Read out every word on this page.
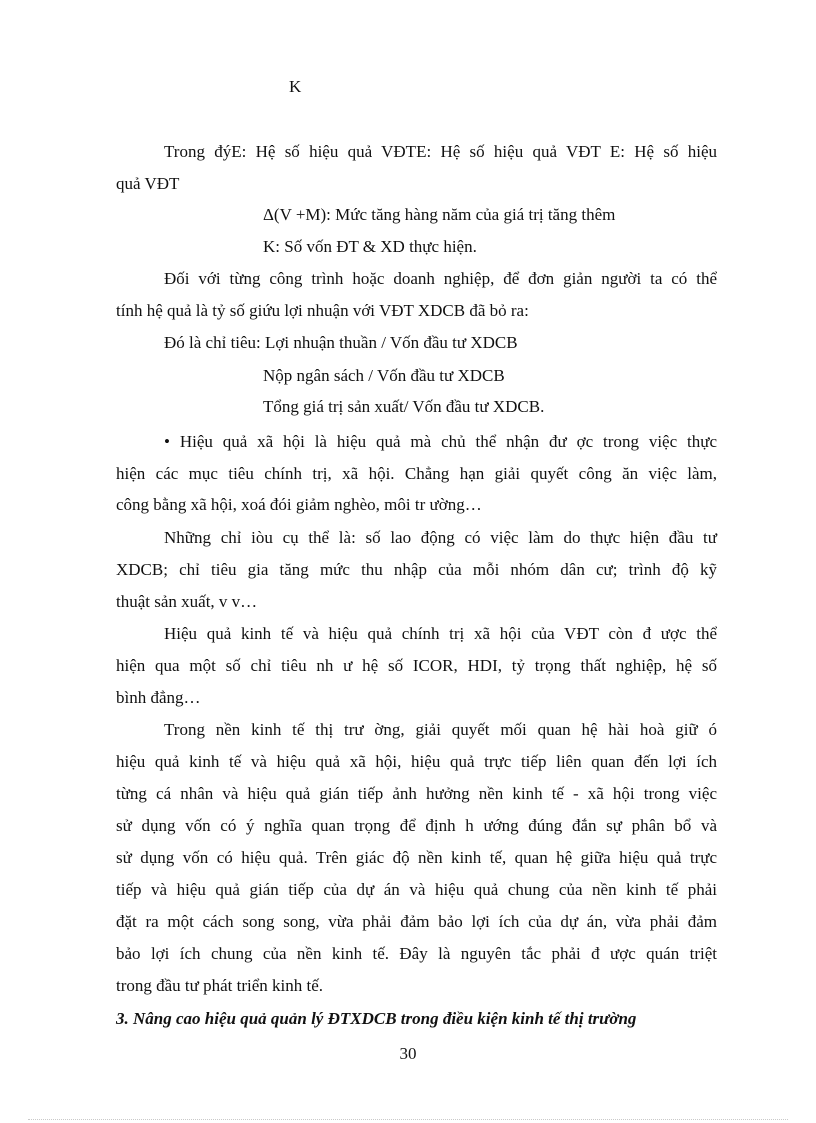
K
Trong đýE: Hệ số hiệu quả VĐTE: Hệ số hiệu quả VĐT E: Hệ số hiệu
quả VĐT
Δ(V +M): Mức tăng hàng năm của giá trị tăng thêm
K: Số vốn ĐT & XD thực hiện.
Đối với từng công trình hoặc doanh nghiệp, để đơn giản người ta có thể
tính hệ quả là tỷ số giứu lợi nhuận với VĐT XDCB đã bỏ ra:
Đó là chỉ tiêu: Lợi nhuận thuần / Vốn đầu tư XDCB
Nộp ngân sách / Vốn đầu tư XDCB
Tổng giá trị sản xuất/ Vốn đầu tư XDCB.
• Hiệu quả xã hội là hiệu quả mà chủ thể nhận đư ợc trong việc thực
hiện các mục tiêu chính trị, xã hội. Chẳng hạn giải quyết công ăn việc làm,
công bằng xã hội, xoá đói giảm nghèo, môi tr ường…
Những chỉ iòu cụ thể là: số lao động có việc làm do thực hiện đầu tư
XDCB; chỉ tiêu gia tăng mức thu nhập của mỗi nhóm dân cư; trình độ kỹ
thuật sản xuất, v v…
Hiệu quả kinh tế và hiệu quả chính trị xã hội của VĐT còn đ ược thể
hiện qua một số chỉ tiêu nh ư hệ số ICOR, HDI, tỷ trọng thất nghiệp, hệ số
bình đẳng…
Trong nền kinh tế thị trư ờng, giải quyết mối quan hệ hài hoà giữ ó
hiệu quả kinh tế và hiệu quả xã hội, hiệu quả trực tiếp liên quan đến lợi ích
từng cá nhân và hiệu quả gián tiếp ảnh hưởng nền kinh tế - xã hội trong việc
sử dụng vốn có ý nghĩa quan trọng để định h ướng đúng đắn sự phân bổ và
sử dụng vốn có hiệu quả. Trên giác độ nền kinh tế, quan hệ giữa hiệu quả trực
tiếp và hiệu quả gián tiếp của dự án và hiệu quả chung của nền kinh tế phải
đặt ra một cách song song, vừa phải đảm bảo lợi ích của dự án, vừa phải đảm
bảo lợi ích chung của nền kinh tế. Đây là nguyên tắc phải đ ược quán triệt
trong đầu tư phát triển kinh tế.
3. Nâng cao hiệu quả quản lý ĐTXDCB trong điều kiện kinh tế thị trường
30
